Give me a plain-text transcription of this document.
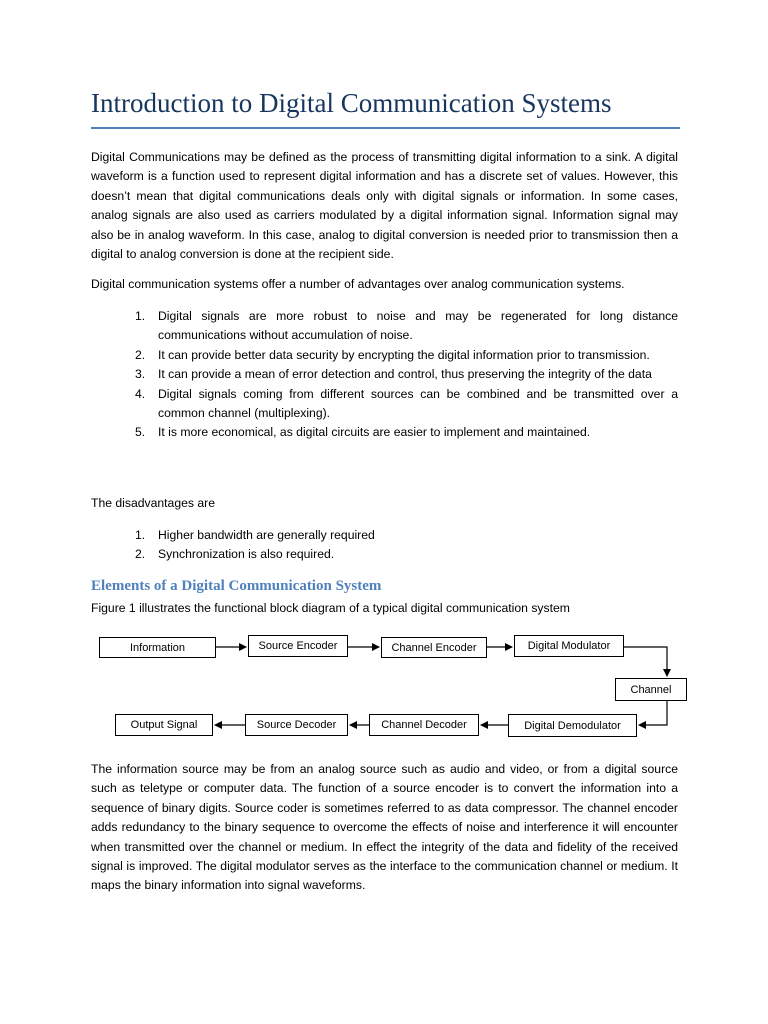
Introduction to Digital Communication Systems

Digital Communications may be defined as the process of transmitting digital information to a sink. A digital waveform is a function used to represent digital information and has a discrete set of values. However, this doesn’t mean that digital communications deals only with digital signals or information. In some cases, analog signals are also used as carriers modulated by a digital information signal. Information signal may also be in analog waveform. In this case, analog to digital conversion is needed prior to transmission then a digital to analog conversion is done at the recipient side.

Digital communication systems offer a number of advantages over analog communication systems.

1. Digital signals are more robust to noise and may be regenerated for long distance communications without accumulation of noise.
2. It can provide better data security by encrypting the digital information prior to transmission.
3. It can provide a mean of error detection and control, thus preserving the integrity of the data
4. Digital signals coming from different sources can be combined and be transmitted over a common channel (multiplexing).
5. It is more economical, as digital circuits are easier to implement and maintained.

The disadvantages are

1. Higher bandwidth are generally required
2. Synchronization is also required.
Elements of a Digital Communication System

Figure 1 illustrates the functional block diagram of a typical digital communication system

Information	Source Encoder	Channel Encoder	Digital Modulator
Channel
Digital Demodulator
Channel Decoder
Source Decoder
Output Signal

The information source may be from an analog source such as audio and video, or from a digital source such as teletype or computer data. The function of a source encoder is to convert the information into a sequence of binary digits. Source coder is sometimes referred to as data compressor. The channel encoder adds redundancy to the binary sequence to overcome the effects of noise and interference it will encounter when transmitted over the channel or medium. In effect the integrity of the data and fidelity of the received signal is improved. The digital modulator serves as the interface to the communication channel or medium. It maps the binary information into signal waveforms.
